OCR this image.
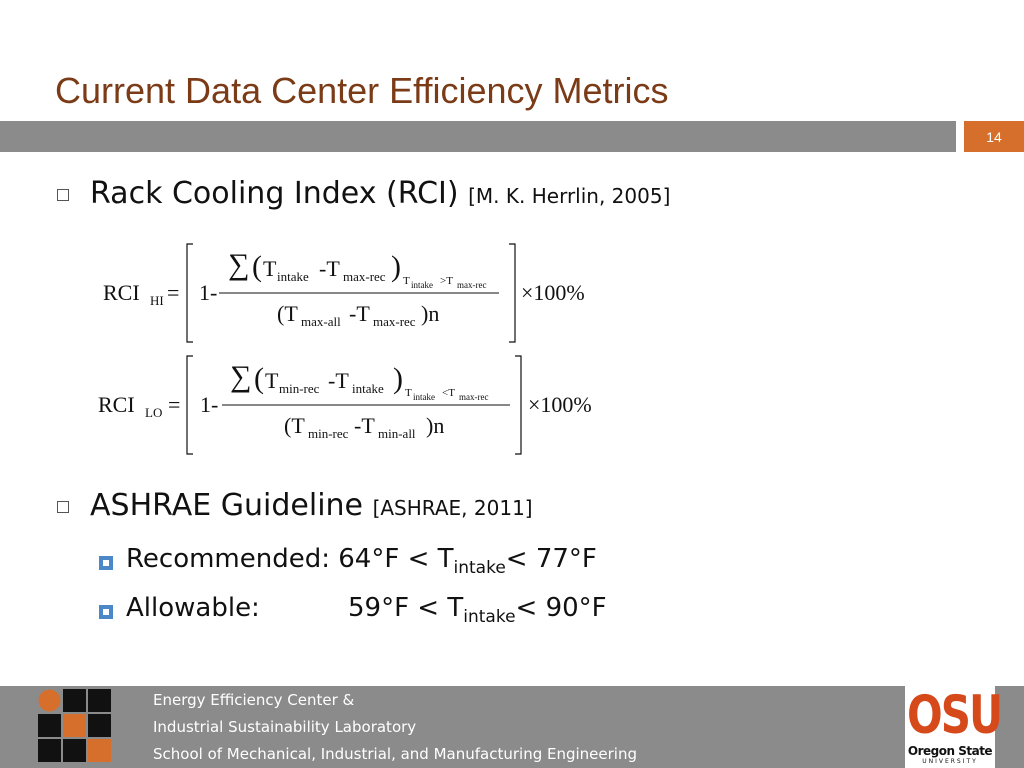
Current Data Center Efficiency Metrics
14
Rack Cooling Index (RCI) [M. K. Herrlin, 2005]
RCI HI = 1-
∑ ( T intake -T max-rec ) T intake >T max-rec
(T max-all -T max-rec )n
×100%
RCI LO = 1-
∑ ( T min-rec -T intake ) T intake <T max-rec
(T min-rec -T min-all )n
×100%
ASHRAE Guideline [ASHRAE, 2011]
Recommended: $64^\circ F < T_{intake}< 77^\circ F$
Allowable:	$59^\circ F < T_{intake}< 90^\circ F$
Energy Efficiency Center &
Industrial Sustainability Laboratory
School of Mechanical, Industrial, and Manufacturing Engineering
OSU
Oregon State
UNIVERSITY
